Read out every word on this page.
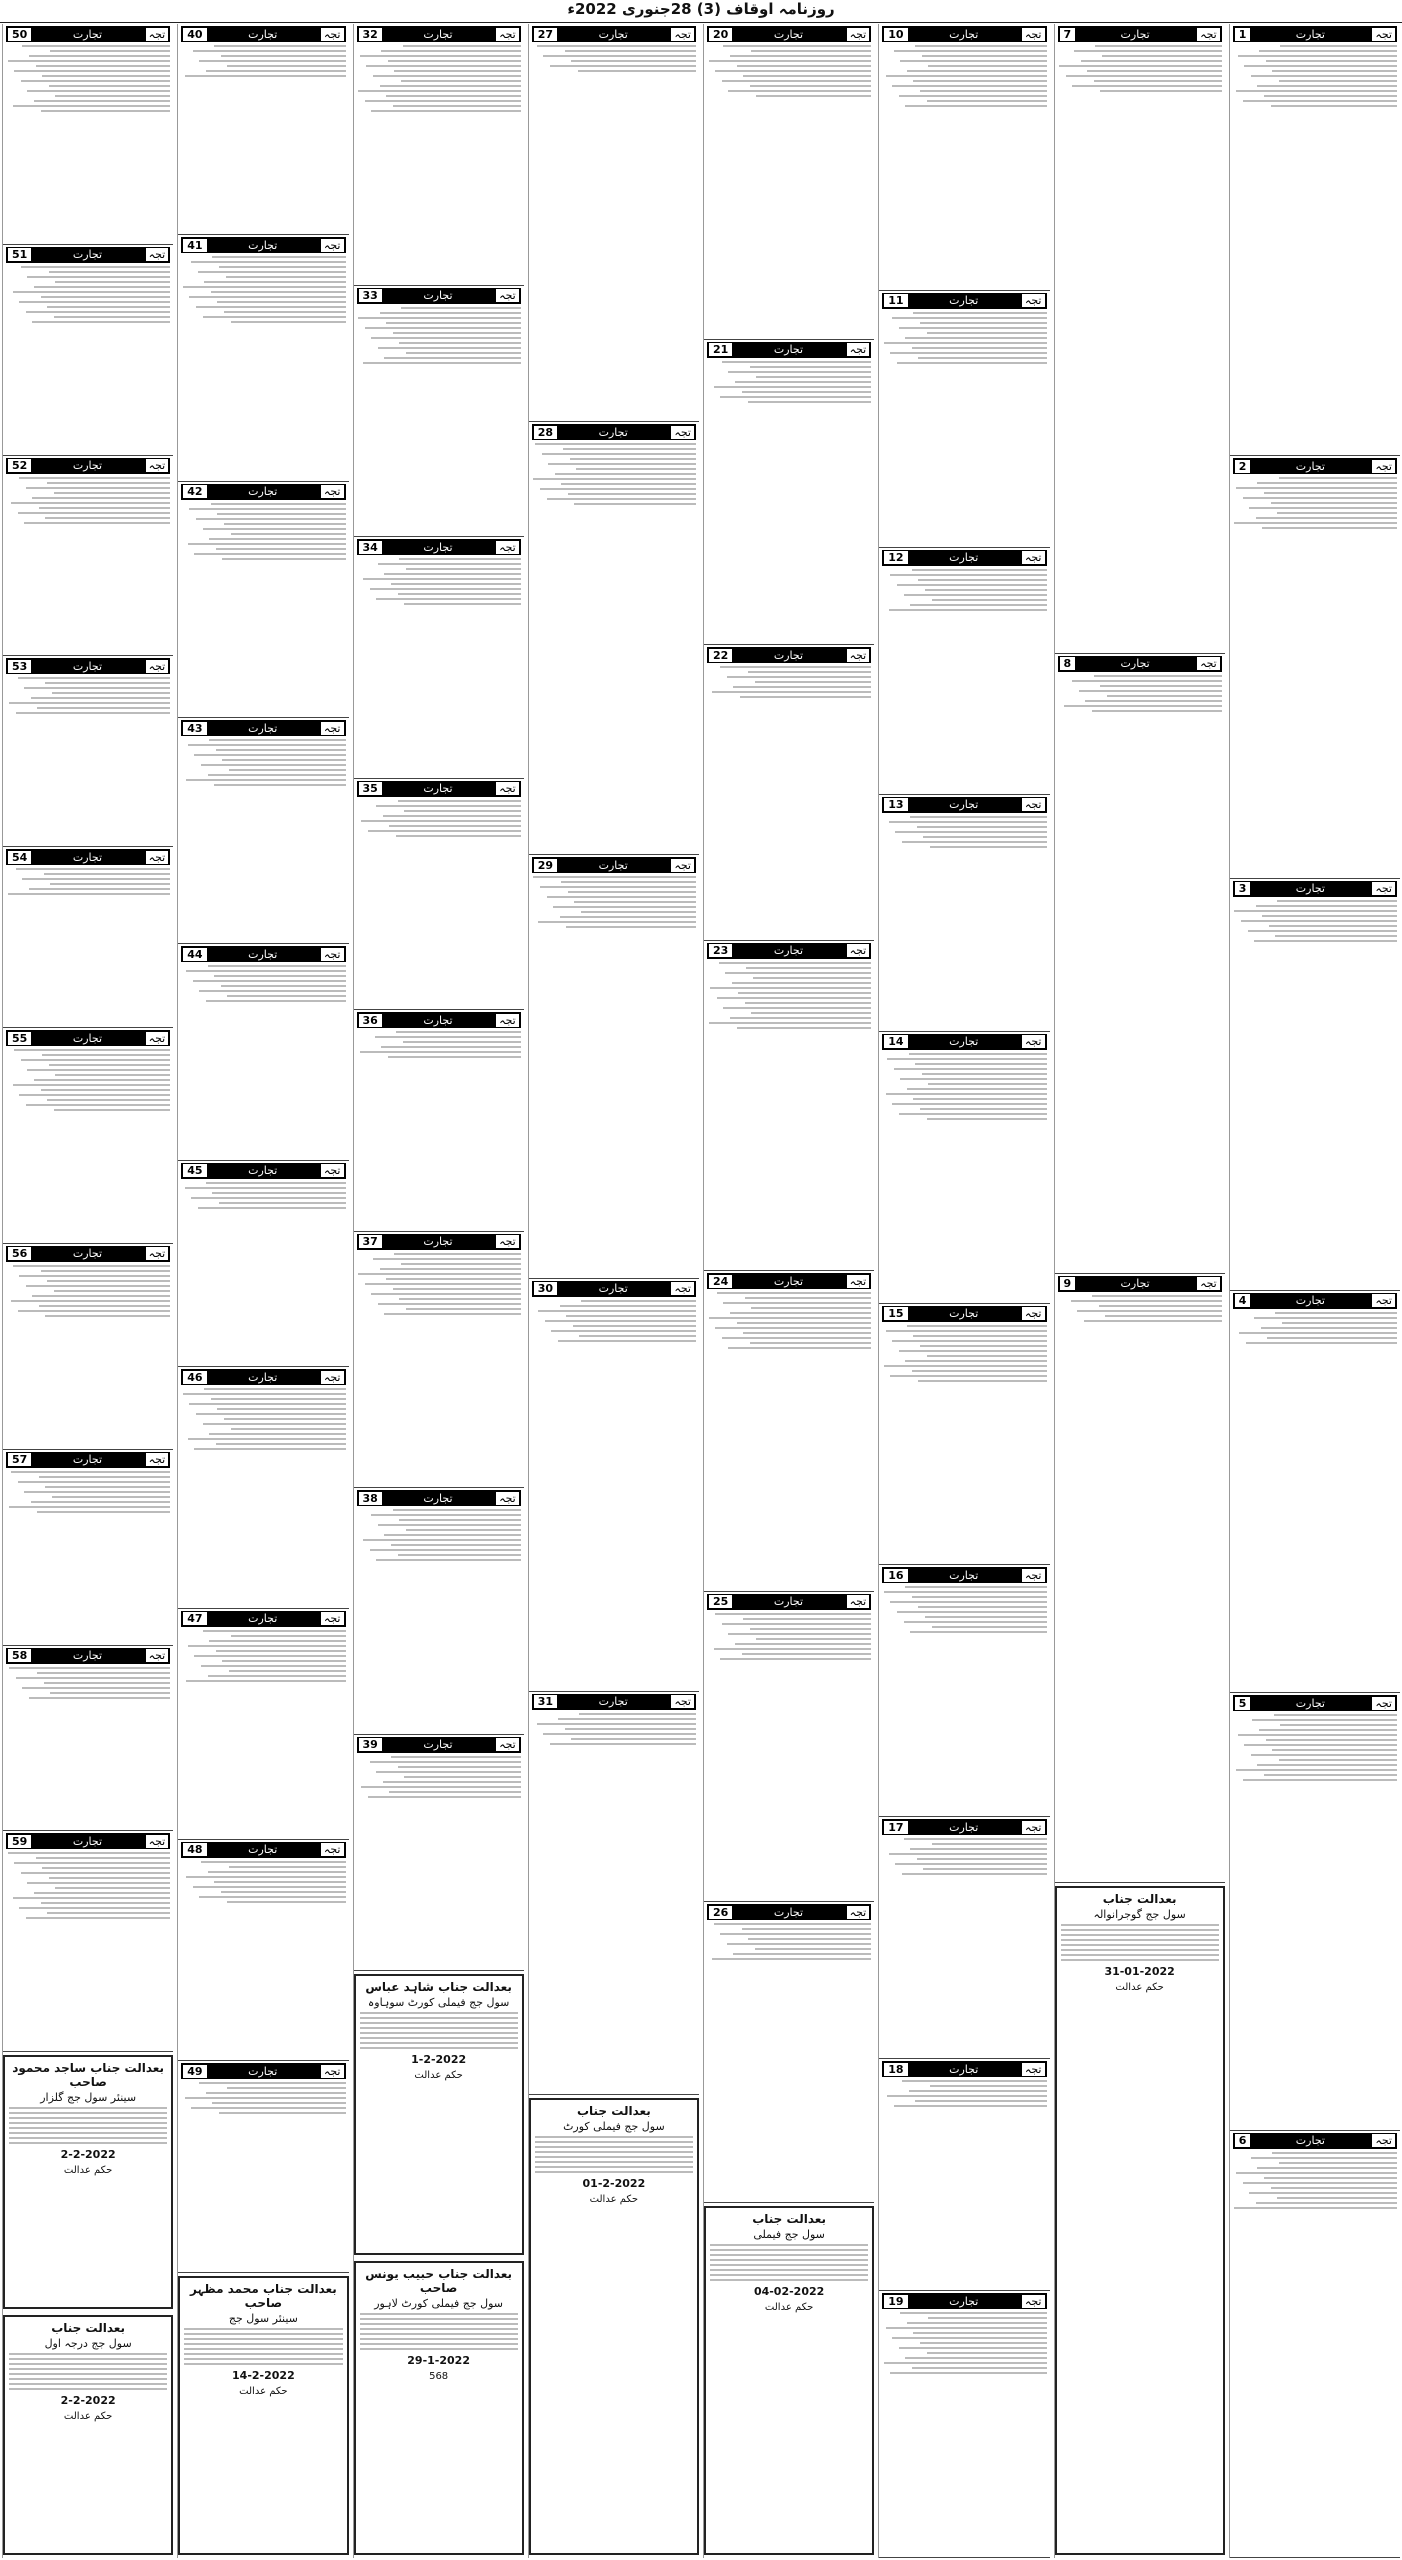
روزنامہ اوقاف (3) 28جنوری 2022ء
تجہ
تجارت
1
تجہ
تجارت
2
تجہ
تجارت
3
تجہ
تجارت
4
تجہ
تجارت
5
تجہ
تجارت
6
تجہ
تجارت
7
تجہ
تجارت
8
تجہ
تجارت
9
بعدالت جناب
سول جج گوجرانوالہ
31-01-2022
حکم عدالت
تجہ
تجارت
10
تجہ
تجارت
11
تجہ
تجارت
12
تجہ
تجارت
13
تجہ
تجارت
14
تجہ
تجارت
15
تجہ
تجارت
16
تجہ
تجارت
17
تجہ
تجارت
18
تجہ
تجارت
19
تجہ
تجارت
20
تجہ
تجارت
21
تجہ
تجارت
22
تجہ
تجارت
23
تجہ
تجارت
24
تجہ
تجارت
25
تجہ
تجارت
26
بعدالت جناب
سول جج فیملی
04-02-2022
حکم عدالت
تجہ
تجارت
27
تجہ
تجارت
28
تجہ
تجارت
29
تجہ
تجارت
30
تجہ
تجارت
31
بعدالت جناب
سول جج فیملی کورٹ
01-2-2022
حکم عدالت
تجہ
تجارت
32
تجہ
تجارت
33
تجہ
تجارت
34
تجہ
تجارت
35
تجہ
تجارت
36
تجہ
تجارت
37
تجہ
تجارت
38
تجہ
تجارت
39
بعدالت جناب شاہد عباس
سول جج فیملی کورٹ سوہاوہ
1-2-2022
حکم عدالت
بعدالت جناب حبیب یونس صاحب
سول جج فیملی کورٹ لاہور
29-1-2022
568
تجہ
تجارت
40
تجہ
تجارت
41
تجہ
تجارت
42
تجہ
تجارت
43
تجہ
تجارت
44
تجہ
تجارت
45
تجہ
تجارت
46
تجہ
تجارت
47
تجہ
تجارت
48
تجہ
تجارت
49
بعدالت جناب محمد مظہر صاحب
سینئر سول جج
14-2-2022
حکم عدالت
تجہ
تجارت
50
تجہ
تجارت
51
تجہ
تجارت
52
تجہ
تجارت
53
تجہ
تجارت
54
تجہ
تجارت
55
تجہ
تجارت
56
تجہ
تجارت
57
تجہ
تجارت
58
تجہ
تجارت
59
بعدالت جناب ساجد محمود صاحب
سینئر سول جج گلزار
2-2-2022
حکم عدالت
بعدالت جناب
سول جج درجہ اول
2-2-2022
حکم عدالت
